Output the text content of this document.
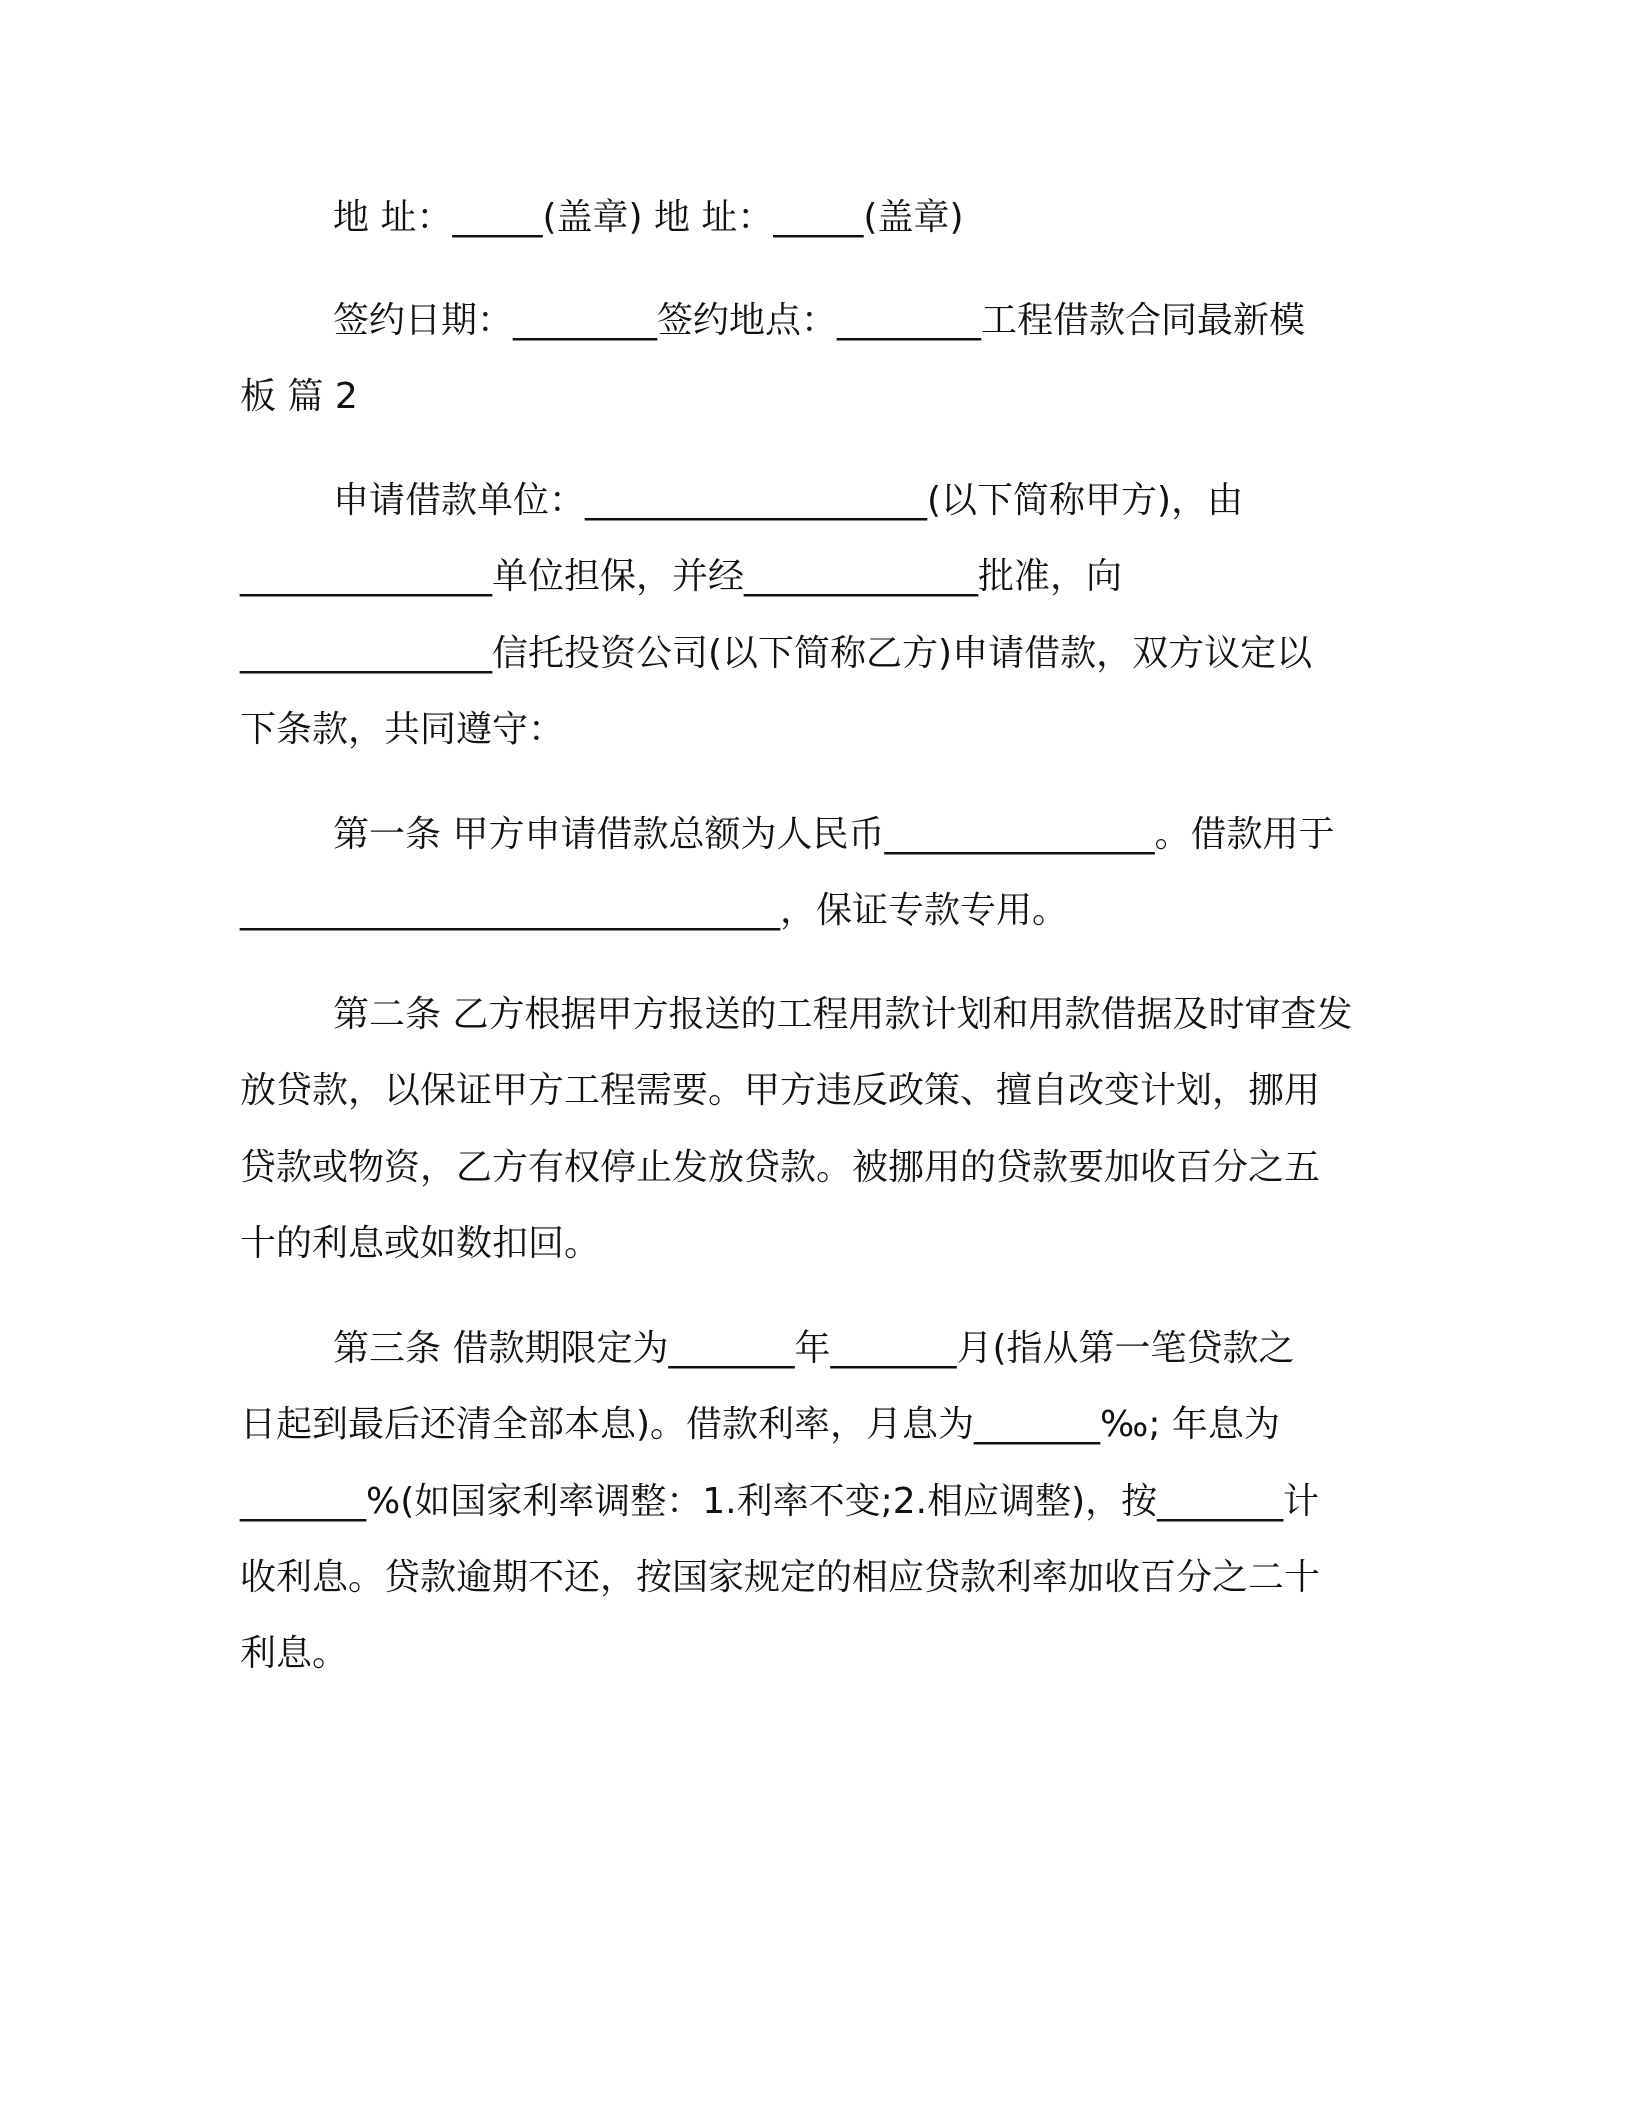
地 址：_____(盖章) 地 址：_____(盖章)
签约日期：________签约地点：________工程借款合同最新模
板 篇 2
申请借款单位：___________________(以下简称甲方)，由
______________单位担保，并经_____________批准，向
______________信托投资公司(以下简称乙方)申请借款，双方议定以
下条款，共同遵守：
第一条 甲方申请借款总额为人民币_______________。借款用于
______________________________，保证专款专用。
第二条 乙方根据甲方报送的工程用款计划和用款借据及时审查发
放贷款，以保证甲方工程需要。甲方违反政策、擅自改变计划，挪用
贷款或物资，乙方有权停止发放贷款。被挪用的贷款要加收百分之五
十的利息或如数扣回。
第三条 借款期限定为_______年_______月(指从第一笔贷款之
日起到最后还清全部本息)。借款利率，月息为_______‰; 年息为
_______%(如国家利率调整：1.利率不变;2.相应调整)，按_______计
收利息。贷款逾期不还，按国家规定的相应贷款利率加收百分之二十
利息。
